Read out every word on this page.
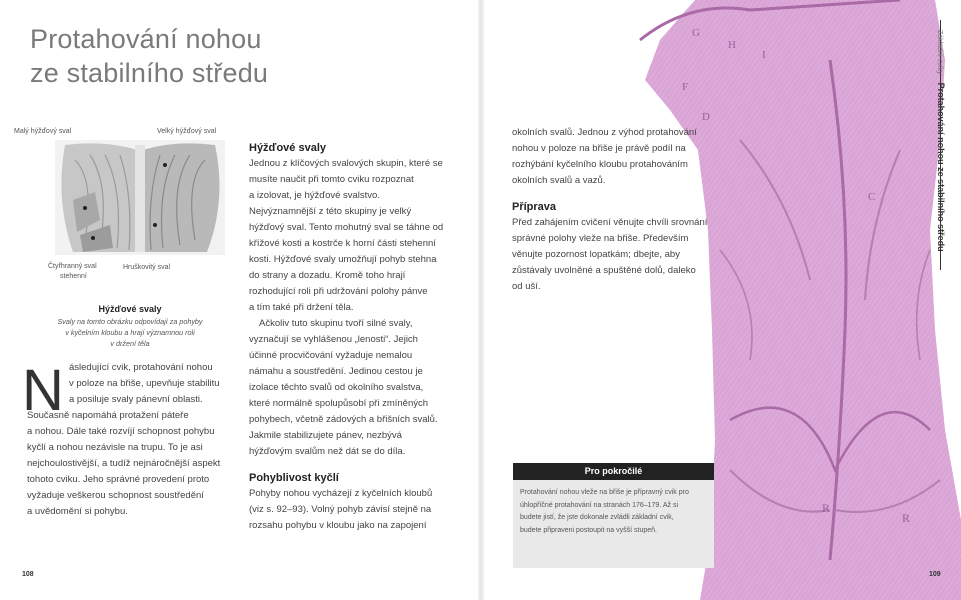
Protahování nohou
ze stabilního středu
Malý hýžďový sval	Velký hýžďový sval
Čtyřhranný sval
stehenní
Hruškovitý sval
Hýžďové svaly
Svaly na tomto obrázku odpovídají za pohyby
v kyčelním kloubu a hrají významnou roli
v držení těla
N ásledující cvik, protahování nohou
v poloze na břiše, upevňuje stabilitu
a posiluje svaly pánevní oblasti.
Současně napomáhá protažení páteře
a nohou. Dále také rozvíjí schopnost pohybu
kyčlí a nohou nezávisle na trupu. To je asi
nejchoulostivější, a tudíž nejnáročnější aspekt
tohoto cviku. Jeho správné provedení proto
vyžaduje veškerou schopnost soustředění
a uvědomění si pohybu.
Hýžďové svaly
Jednou z klíčových svalových skupin, které se
musíte naučit při tomto cviku rozpoznat
a izolovat, je hýžďové svalstvo.
Nejvýznamnější z této skupiny je velký
hýžďový sval. Tento mohutný sval se táhne od
křížové kosti a kostrče k horní části stehenní
kosti. Hýžďové svaly umožňují pohyb stehna
do strany a dozadu. Kromě toho hrají
rozhodující roli při udržování polohy pánve
a tím také při držení těla.
Ačkoliv tuto skupinu tvoří silné svaly,
vyznačují se vyhlášenou „lenosti“. Jejich
účinné procvičování vyžaduje nemalou
námahu a soustředění. Jedinou cestou je
izolace těchto svalů od okolního svalstva,
které normálně spolupůsobí při zmíněných
pohybech, včetně zádových a břišních svalů.
Jakmile stabilizujete pánev, nezbývá
hýžďovým svalům než dát se do díla.
Pohyblivost kyčlí
Pohyby nohou vycházejí z kyčelních kloubů
(viz s. 92–93). Volný pohyb závisí stejně na
rozsahu pohybu v kloubu jako na zapojení
G
H
I
F
D
C
R
R
okolních svalů. Jednou z výhod protahování
nohou v poloze na břiše je právě podíl na
rozhýbání kyčelního kloubu protahováním
okolních svalů a vazů.
Příprava
Před zahájením cvičení věnujte chvíli srovnání
správné polohy vleže na břiše. Především
věnujte pozornost lopatkám; dbejte, aby
zůstávaly uvolněné a spuštěné dolů, daleko
od uší.
Pro pokročilé
Protahování nohou vleže na břiše je přípravný cvik pro
úhlopříčné protahování na stranách 176–179. Až si
budete jistí, že jste dokonale zvládli základní cvik,
budete připraveni postoupit na vyšší stupeň.
Základní cviky Protahování nohou ze stabilního středu
108	109
